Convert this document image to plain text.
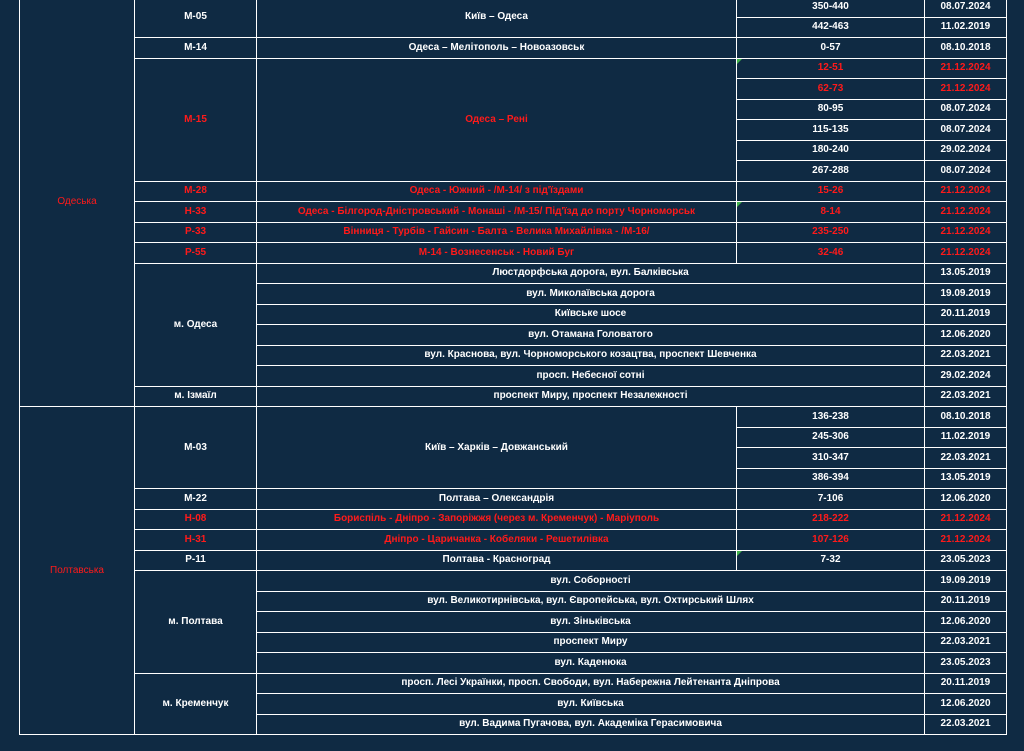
Одеська	М-05	Київ – Одеса	350-440	08.07.2024
			442-463	11.02.2019
	М-14	Одеса – Мелітополь – Новоазовськ	0-57	08.10.2018
	М-15	Одеса – Рені	12-51	21.12.2024
			62-73	21.12.2024
			80-95	08.07.2024
			115-135	08.07.2024
			180-240	29.02.2024
			267-288	08.07.2024
	М-28	Одеса - Южний - /М-14/ з під'їздами	15-26	21.12.2024
	Н-33	Одеса - Білгород-Дністровський - Монаші - /М-15/ Під'їзд до порту Чорноморськ	8-14	21.12.2024
	Р-33	Вінниця - Турбів - Гайсин - Балта - Велика Михайлівка - /М-16/	235-250	21.12.2024
	Р-55	М-14 - Вознесенськ - Новий Буг	32-46	21.12.2024
	м. Одеса	Люстдорфська дорога, вул. Балківська		13.05.2019
		вул. Миколаївська дорога		19.09.2019
		Київське шосе		20.11.2019
		вул. Отамана Головатого		12.06.2020
		вул. Краснова, вул. Чорноморського козацтва, проспект Шевченка		22.03.2021
		просп. Небесної сотні		29.02.2024
	м. Ізмаїл	проспект Миру, проспект Незалежності		22.03.2021
Полтавська	М-03	Київ – Харків – Довжанський	136-238	08.10.2018
			245-306	11.02.2019
			310-347	22.03.2021
			386-394	13.05.2019
	М-22	Полтава – Олександрія	7-106	12.06.2020
	Н-08	Бориспіль - Дніпро - Запоріжжя (через м. Кременчук) - Маріуполь	218-222	21.12.2024
	Н-31	Дніпро - Царичанка - Кобеляки - Решетилівка	107-126	21.12.2024
	Р-11	Полтава - Красноград	7-32	23.05.2023
	м. Полтава	вул. Соборності		19.09.2019
		вул. Великотирнівська, вул. Європейська, вул. Охтирський Шлях		20.11.2019
		вул. Зіньківська		12.06.2020
		проспект Миру		22.03.2021
		вул. Каденюка		23.05.2023
	м. Кременчук	просп. Лесі Українки, просп. Свободи, вул. Набережна Лейтенанта Дніпрова		20.11.2019
		вул. Київська		12.06.2020
		вул. Вадима Пугачова, вул. Академіка Герасимовича		22.03.2021
